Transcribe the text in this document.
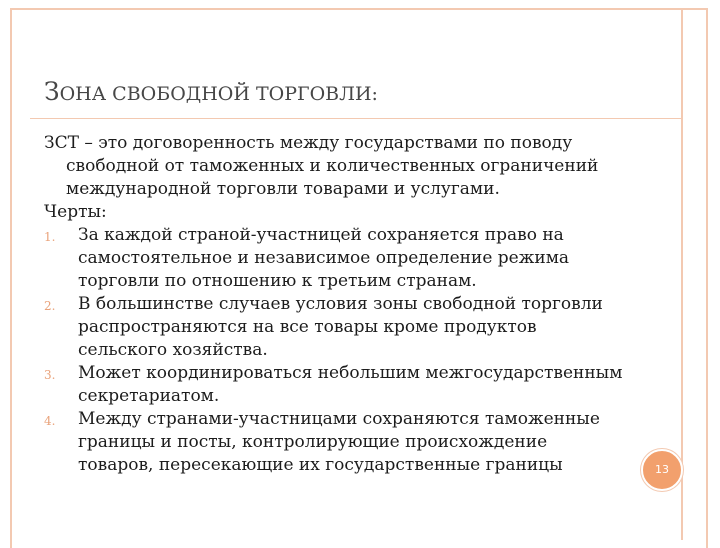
ЗОНА СВОБОДНОЙ ТОРГОВЛИ:

ЗСТ – это договоренность между государствами по поводу свободной от таможенных и количественных ограничений международной торговли товарами и услугами.

Черты:

1. За каждой страной-участницей сохраняется право на самостоятельное и независимое определение режима торговли по отношению к третьим странам.
2. В большинстве случаев условия зоны свободной торговли распространяются на все товары кроме продуктов сельского хозяйства.
3. Может координироваться небольшим межгосударственным секретариатом.
4. Между странами-участницами сохраняются таможенные границы и посты, контролирующие происхождение товаров, пересекающие их государственные границы	13
